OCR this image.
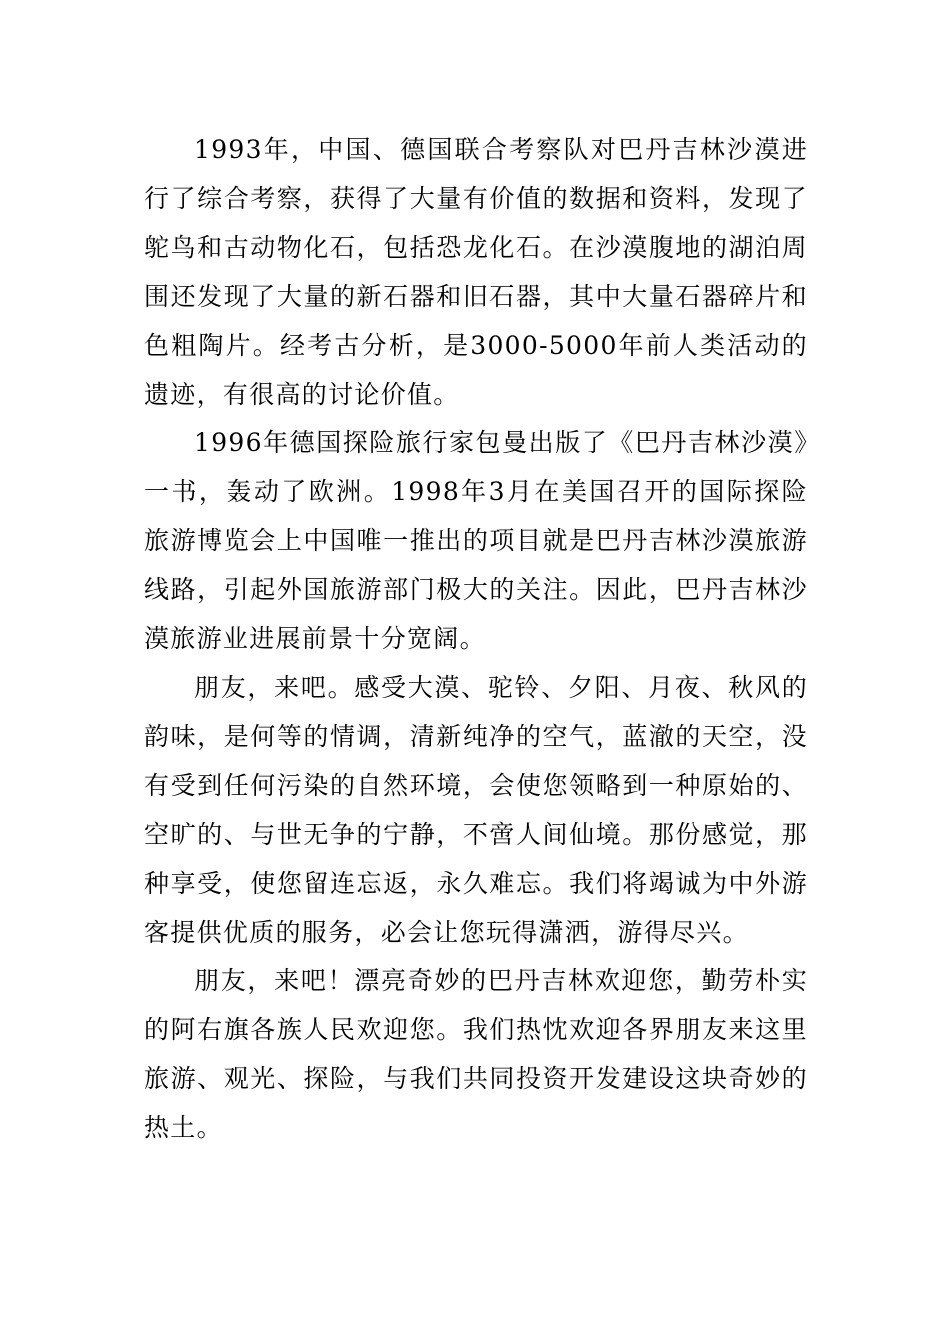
1993年，中国、德国联合考察队对巴丹吉林沙漠进行了综合考察，获得了大量有价值的数据和资料，发现了鸵鸟和古动物化石，包括恐龙化石。在沙漠腹地的湖泊周围还发现了大量的新石器和旧石器，其中大量石器碎片和色粗陶片。经考古分析，是3000-5000年前人类活动的遗迹，有很高的讨论价值。

1996年德国探险旅行家包曼出版了《巴丹吉林沙漠》一书，轰动了欧洲。1998年3月在美国召开的国际探险旅游博览会上中国唯一推出的项目就是巴丹吉林沙漠旅游线路，引起外国旅游部门极大的关注。因此，巴丹吉林沙漠旅游业进展前景十分宽阔。

朋友，来吧。感受大漠、驼铃、夕阳、月夜、秋风的韵味，是何等的情调，清新纯净的空气，蓝澈的天空，没有受到任何污染的自然环境，会使您领略到一种原始的、空旷的、与世无争的宁静，不啻人间仙境。那份感觉，那种享受，使您留连忘返，永久难忘。我们将竭诚为中外游客提供优质的服务，必会让您玩得潇洒，游得尽兴。

朋友，来吧！漂亮奇妙的巴丹吉林欢迎您，勤劳朴实的阿右旗各族人民欢迎您。我们热忱欢迎各界朋友来这里旅游、观光、探险，与我们共同投资开发建设这块奇妙的热土。
